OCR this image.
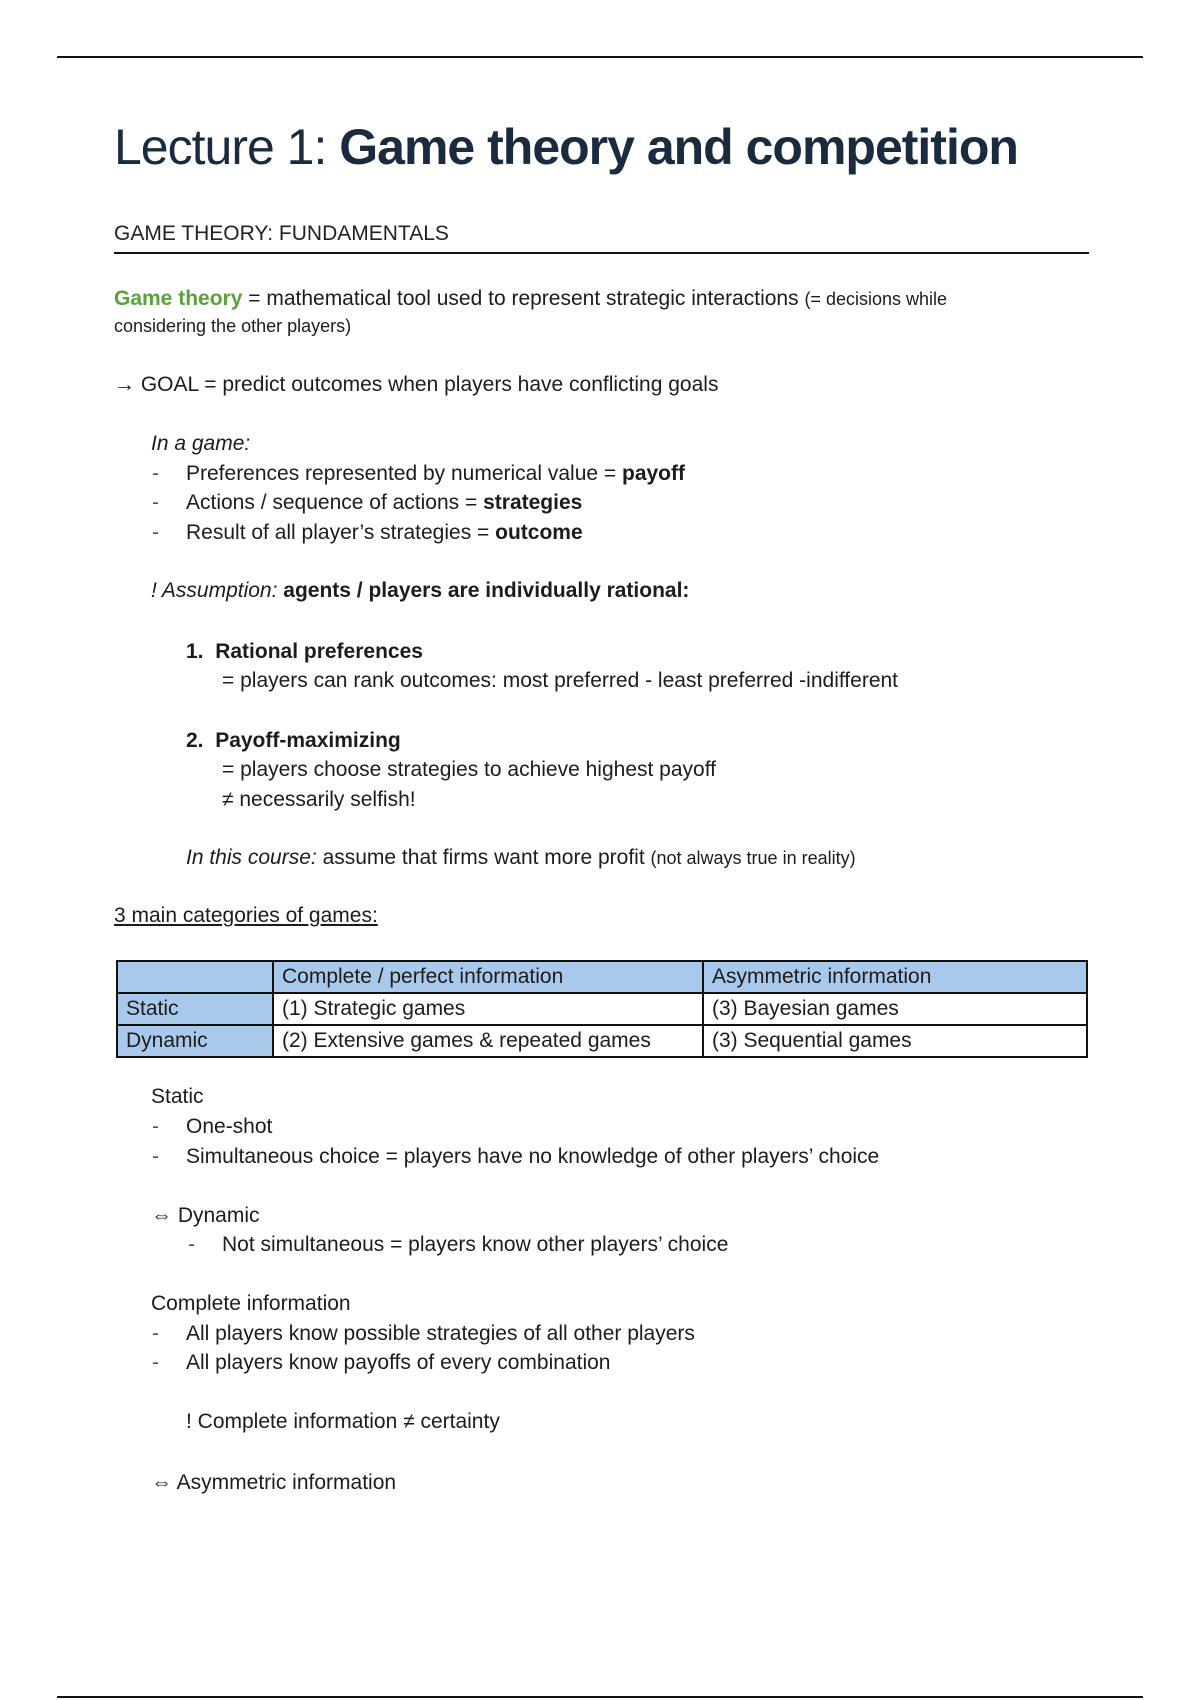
Lecture 1: Game theory and competition
GAME THEORY: FUNDAMENTALS
Game theory = mathematical tool used to represent strategic interactions (= decisions while
considering the other players)
→ GOAL = predict outcomes when players have conflicting goals
In a game:
- Preferences represented by numerical value = payoff
- Actions / sequence of actions = strategies
- Result of all player’s strategies = outcome
! Assumption: agents / players are individually rational:
1. Rational preferences
= players can rank outcomes: most preferred - least preferred -indifferent
2. Payoff-maximizing
= players choose strategies to achieve highest payoff
≠ necessarily selfish!
In this course: assume that firms want more profit (not always true in reality)
3 main categories of games:
	Complete / perfect information	Asymmetric information
Static	(1) Strategic games	(3) Bayesian games
Dynamic	(2) Extensive games & repeated games	(3) Sequential games
Static
- One-shot
- Simultaneous choice = players have no knowledge of other players’ choice
⇔ Dynamic
- Not simultaneous = players know other players’ choice
Complete information
- All players know possible strategies of all other players
- All players know payoffs of every combination
! Complete information ≠ certainty
⇔ Asymmetric information
